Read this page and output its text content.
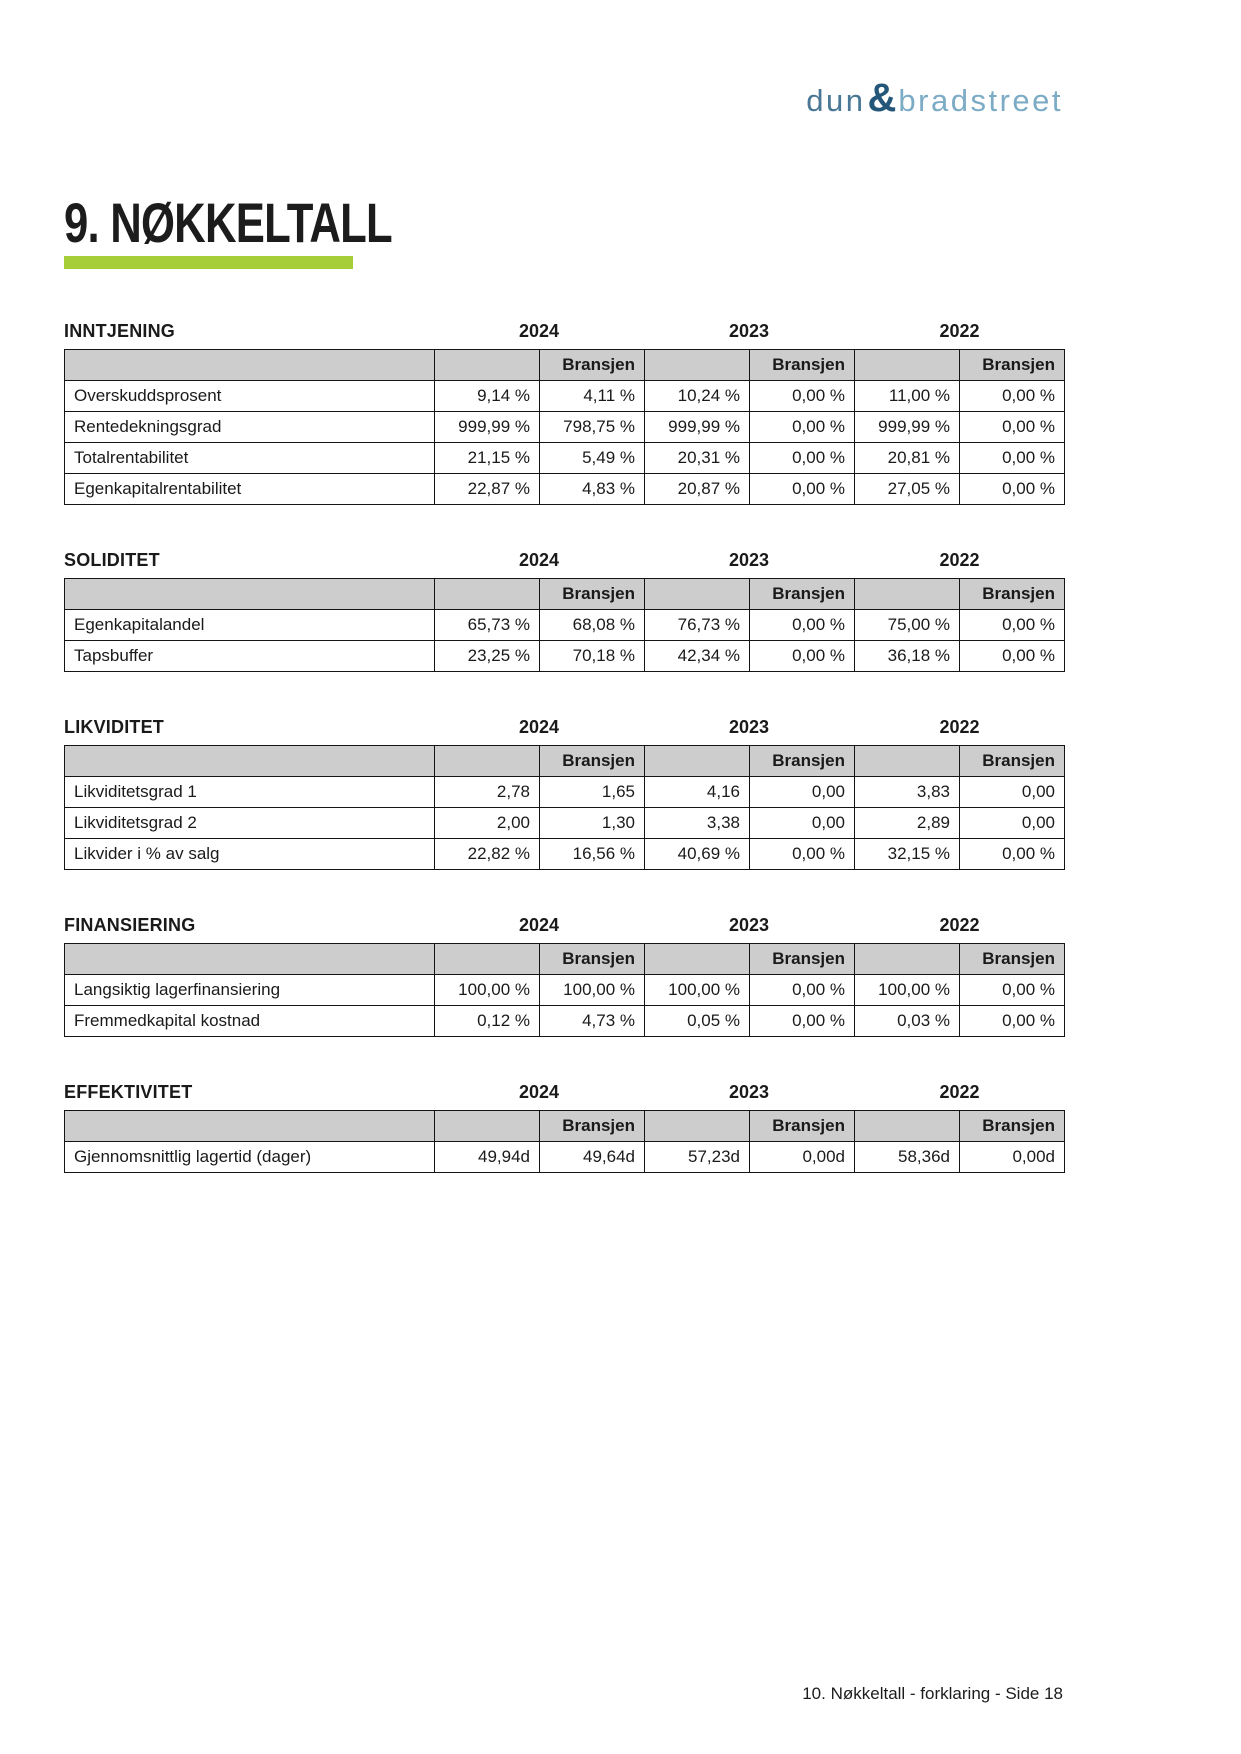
dun & bradstreet
9. NØKKELTALL
INNTJENING	2024	2023	2022
		Bransjen		Bransjen		Bransjen
Overskuddsprosent	9,14 %	4,11 %	10,24 %	0,00 %	11,00 %	0,00 %
Rentedekningsgrad	999,99 %	798,75 %	999,99 %	0,00 %	999,99 %	0,00 %
Totalrentabilitet	21,15 %	5,49 %	20,31 %	0,00 %	20,81 %	0,00 %
Egenkapitalrentabilitet	22,87 %	4,83 %	20,87 %	0,00 %	27,05 %	0,00 %
SOLIDITET	2024	2023	2022
		Bransjen		Bransjen		Bransjen
Egenkapitalandel	65,73 %	68,08 %	76,73 %	0,00 %	75,00 %	0,00 %
Tapsbuffer	23,25 %	70,18 %	42,34 %	0,00 %	36,18 %	0,00 %
LIKVIDITET	2024	2023	2022
		Bransjen		Bransjen		Bransjen
Likviditetsgrad 1	2,78	1,65	4,16	0,00	3,83	0,00
Likviditetsgrad 2	2,00	1,30	3,38	0,00	2,89	0,00
Likvider i % av salg	22,82 %	16,56 %	40,69 %	0,00 %	32,15 %	0,00 %
FINANSIERING	2024	2023	2022
		Bransjen		Bransjen		Bransjen
Langsiktig lagerfinansiering	100,00 %	100,00 %	100,00 %	0,00 %	100,00 %	0,00 %
Fremmedkapital kostnad	0,12 %	4,73 %	0,05 %	0,00 %	0,03 %	0,00 %
EFFEKTIVITET	2024	2023	2022
		Bransjen		Bransjen		Bransjen
Gjennomsnittlig lagertid (dager)	49,94d	49,64d	57,23d	0,00d	58,36d	0,00d
10. Nøkkeltall - forklaring - Side 18
